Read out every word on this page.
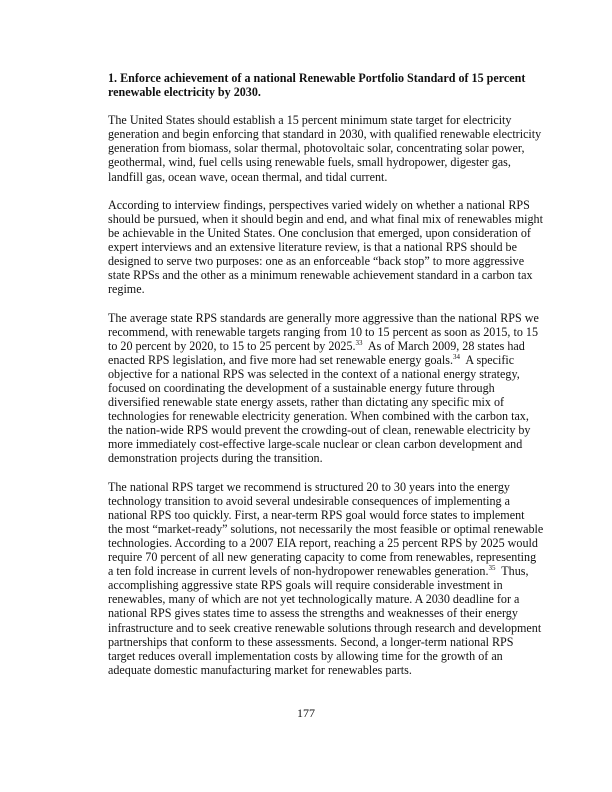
1. Enforce achievement of a national Renewable Portfolio Standard of 15 percent
renewable electricity by 2030.
The United States should establish a 15 percent minimum state target for electricity
generation and begin enforcing that standard in 2030, with qualified renewable electricity
generation from biomass, solar thermal, photovoltaic solar, concentrating solar power,
geothermal, wind, fuel cells using renewable fuels, small hydropower, digester gas,
landfill gas, ocean wave, ocean thermal, and tidal current.
According to interview findings, perspectives varied widely on whether a national RPS
should be pursued, when it should begin and end, and what final mix of renewables might
be achievable in the United States. One conclusion that emerged, upon consideration of
expert interviews and an extensive literature review, is that a national RPS should be
designed to serve two purposes: one as an enforceable “back stop” to more aggressive
state RPSs and the other as a minimum renewable achievement standard in a carbon tax
regime.
The average state RPS standards are generally more aggressive than the national RPS we
recommend, with renewable targets ranging from 10 to 15 percent as soon as 2015, to 15
to 20 percent by 2020, to 15 to 25 percent by 2025.33  As of March 2009, 28 states had
enacted RPS legislation, and five more had set renewable energy goals.$^{34}$  A specific
objective for a national RPS was selected in the context of a national energy strategy,
focused on coordinating the development of a sustainable energy future through
diversified renewable state energy assets, rather than dictating any specific mix of
technologies for renewable electricity generation. When combined with the carbon tax,
the nation-wide RPS would prevent the crowding-out of clean, renewable electricity by
more immediately cost-effective large-scale nuclear or clean carbon development and
demonstration projects during the transition.
The national RPS target we recommend is structured 20 to 30 years into the energy
technology transition to avoid several undesirable consequences of implementing a
national RPS too quickly. First, a near-term RPS goal would force states to implement
the most “market-ready” solutions, not necessarily the most feasible or optimal renewable
technologies. According to a 2007 EIA report, reaching a 25 percent RPS by 2025 would
require 70 percent of all new generating capacity to come from renewables, representing
a ten fold increase in current levels of non-hydropower renewables generation.$^{35}$  Thus,
accomplishing aggressive state RPS goals will require considerable investment in
renewables, many of which are not yet technologically mature. A 2030 deadline for a
national RPS gives states time to assess the strengths and weaknesses of their energy
infrastructure and to seek creative renewable solutions through research and development
partnerships that conform to these assessments. Second, a longer-term national RPS
target reduces overall implementation costs by allowing time for the growth of an
adequate domestic manufacturing market for renewables parts.
177
